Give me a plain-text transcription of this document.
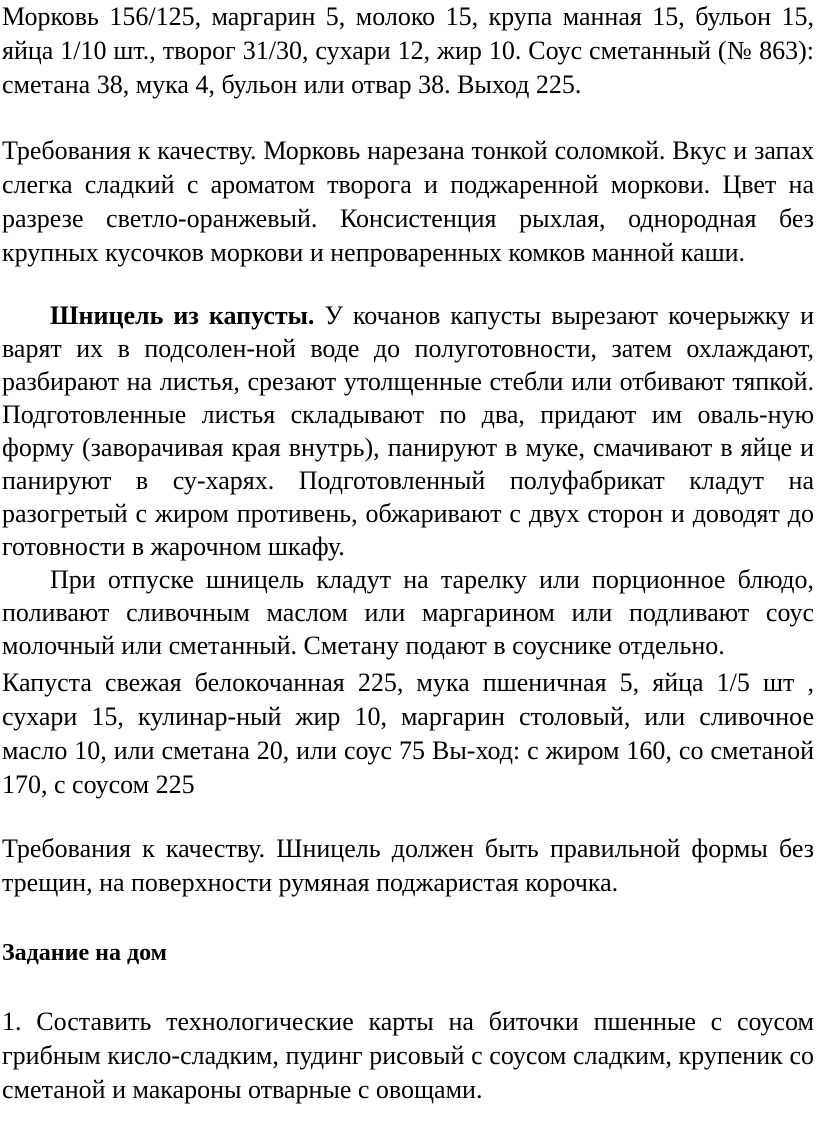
Морковь 156/125, маргарин 5, молоко 15, крупа манная 15, бульон 15, яйца 1/10 шт., творог 31/30, сухари 12, жир 10. Соус сметанный (№ 863): сметана 38, мука 4, бульон или отвар 38. Выход 225.

Требования к качеству. Морковь нарезана тонкой соломкой. Вкус и запах слегка сладкий с ароматом творога и поджаренной моркови. Цвет на разрезе светло-оранжевый. Консистенция рыхлая, однородная без крупных кусочков моркови и непроваренных комков манной каши.

Шницель из капусты. У кочанов капусты вырезают кочерыжку и варят их в подсолен-ной воде до полуготовности, затем охлаждают, разбирают на листья, срезают утолщенные стебли или отбивают тяпкой. Подготовленные листья складывают по два, придают им оваль-ную форму (заворачивая края внутрь), панируют в муке, смачивают в яйце и панируют в су-харях. Подготовленный полуфабрикат кладут на разогретый с жиром противень, обжаривают с двух сторон и доводят до готовности в жарочном шкафу.

При отпуске шницель кладут на тарелку или порционное блюдо, поливают сливочным маслом или маргарином или подливают соус молочный или сметанный. Сметану подают в соуснике отдельно.

Капуста свежая белокочанная 225, мука пшеничная 5, яйца 1/5 шт , сухари 15, кулинар-ный жир 10, маргарин столовый, или сливочное масло 10, или сметана 20, или соус 75 Вы-ход: с жиром 160, со сметаной 170, с соусом 225

Требования к качеству. Шницель должен быть правильной формы без трещин, на поверхности румяная поджаристая корочка.

Задание на дом

1. Составить технологические карты на биточки пшенные с соусом грибным кисло-сладким, пудинг рисовый с соусом сладким, крупеник со сметаной и макароны отварные с овощами.
